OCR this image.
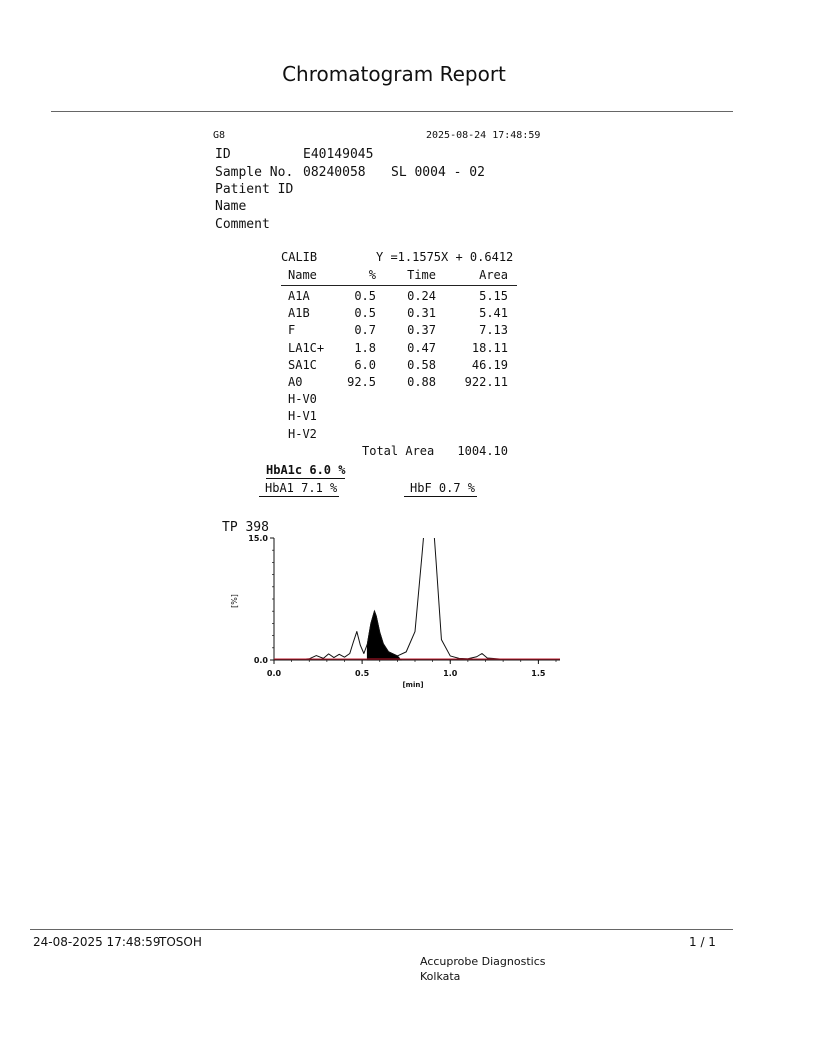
Chromatogram Report
G8	2025-08-24 17:48:59
ID	E40149045
Sample No. 08240058 SL 0004 - 02
Patient ID
Name
Comment
CALIB	Y =1.1575X + 0.6412
Name	%	Time	Area
A1A	0.5	0.24	5.15
A1B	0.5	0.31	5.41
F	0.7	0.37	7.13
LA1C+	1.8	0.47	18.11
SA1C	6.0	0.58	46.19
A0	92.5	0.88	922.11
H-V0
H-V1
H-V2
Total Area	1004.10
HbA1c 6.0 %
HbA1 7.1 %	HbF 0.7 %
TP 398
[%]
0.0
15.0
0.0	0.5	1.0	1.5
[min]
24-08-2025 17:48:59
TOSOH	1 / 1
Accuprobe Diagnostics
Kolkata
